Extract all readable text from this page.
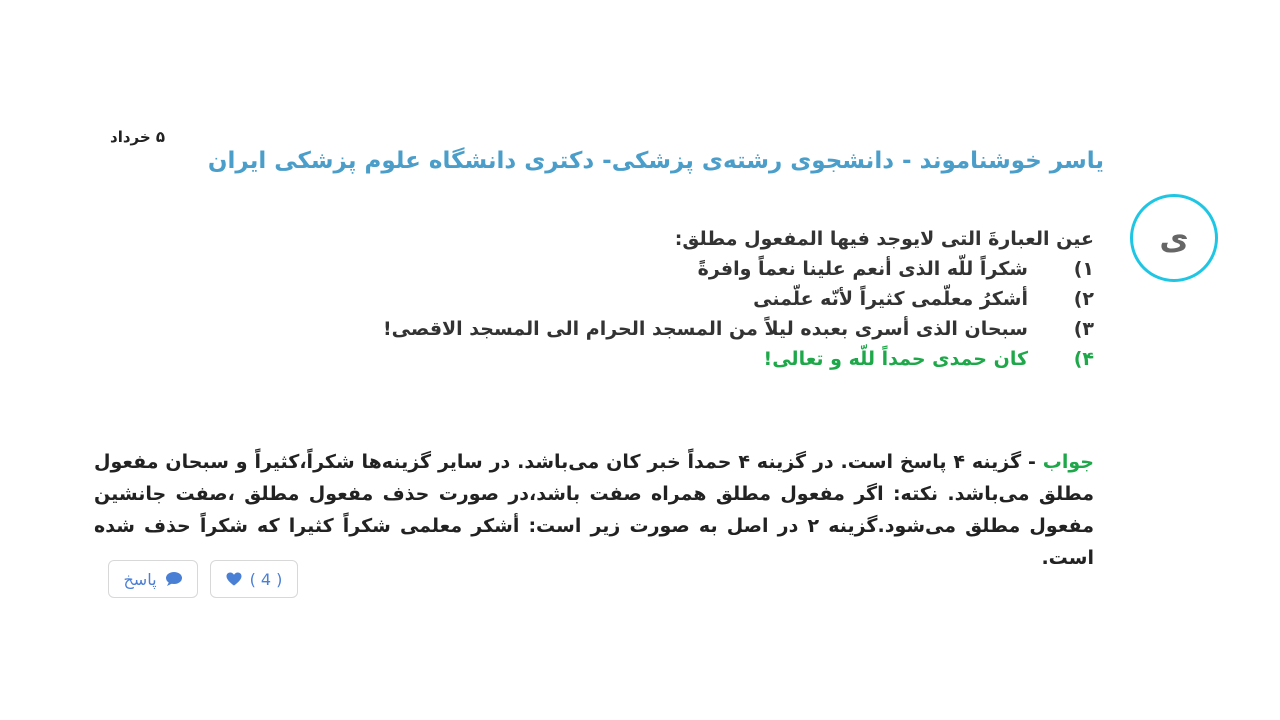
۵ خرداد
یاسر خوشناموند - دانشجوی رشته‌ی پزشکی- دکتری دانشگاه علوم پزشکی ایران
ی
عین العبارةَ التی لایوجد فیها المفعول مطلق:
۱)
شکراً للّه الذی أنعم علینا نعماً وافرةً
۲)
أشکرُ معلّمی کثیراً لأنّه علّمنی
۳)
سبحان الذی أسری بعبده لیلاً من المسجد الحرام الی المسجد الاقصی!
۴)
کان حمدی حمداً للّه و تعالی!
جواب - گزینه ۴ پاسخ است. در گزینه ۴ حمداً خبر کان می‌باشد. در سایر گزینه‌ها شکراً،کثیراً و سبحان مفعول مطلق می‌باشد. نکته: اگر مفعول مطلق همراه صفت باشد،در صورت حذف مفعول مطلق ،صفت جانشین مفعول مطلق می‌شود.گزینه ۲ در اصل به صورت زیر است: أشکر معلمی شکراً کثیرا که شکراً حذف شده است.
پاسخ	( 4 )
